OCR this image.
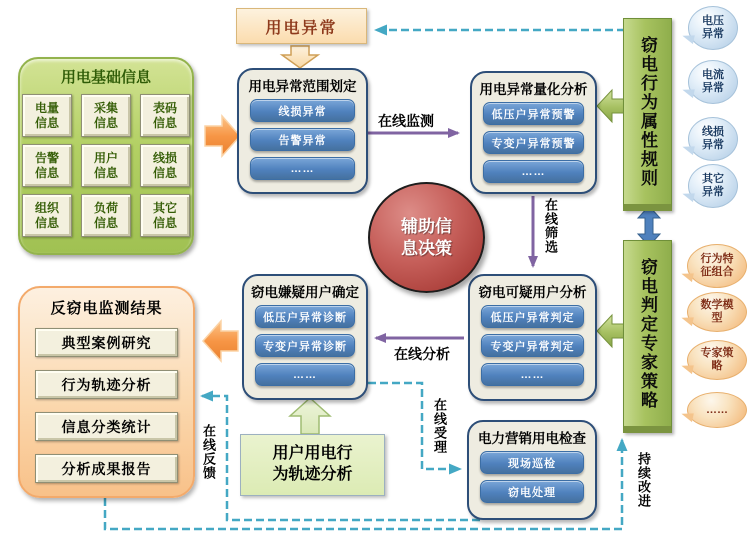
用电基础信息
电量信息
采集信息
表码信息
告警信息
用户信息
线损信息
组织信息
负荷信息
其它信息
用电异常
用电异常范围划定
线损异常
告警异常
……
用电异常量化分析
低压户异常预警
专变户异常预警
……
窃电可疑用户分析
低压户异常判定
专变户异常判定
……
窃电嫌疑用户确定
低压户异常诊断
专变户异常诊断
……
电力营销用电检查
现场巡检
窃电处理
反窃电监测结果
典型案例研究
行为轨迹分析
信息分类统计
分析成果报告
窃电行为属性规则
窃电判定专家策略
电压异常
电流异常
线损异常
其它异常
行为特征组合
数学模型
专家策略
……
辅助信息决策
用户用电行为轨迹分析
在线监测
在线分析
在线筛选
在线受理
在线反馈	持续改进
